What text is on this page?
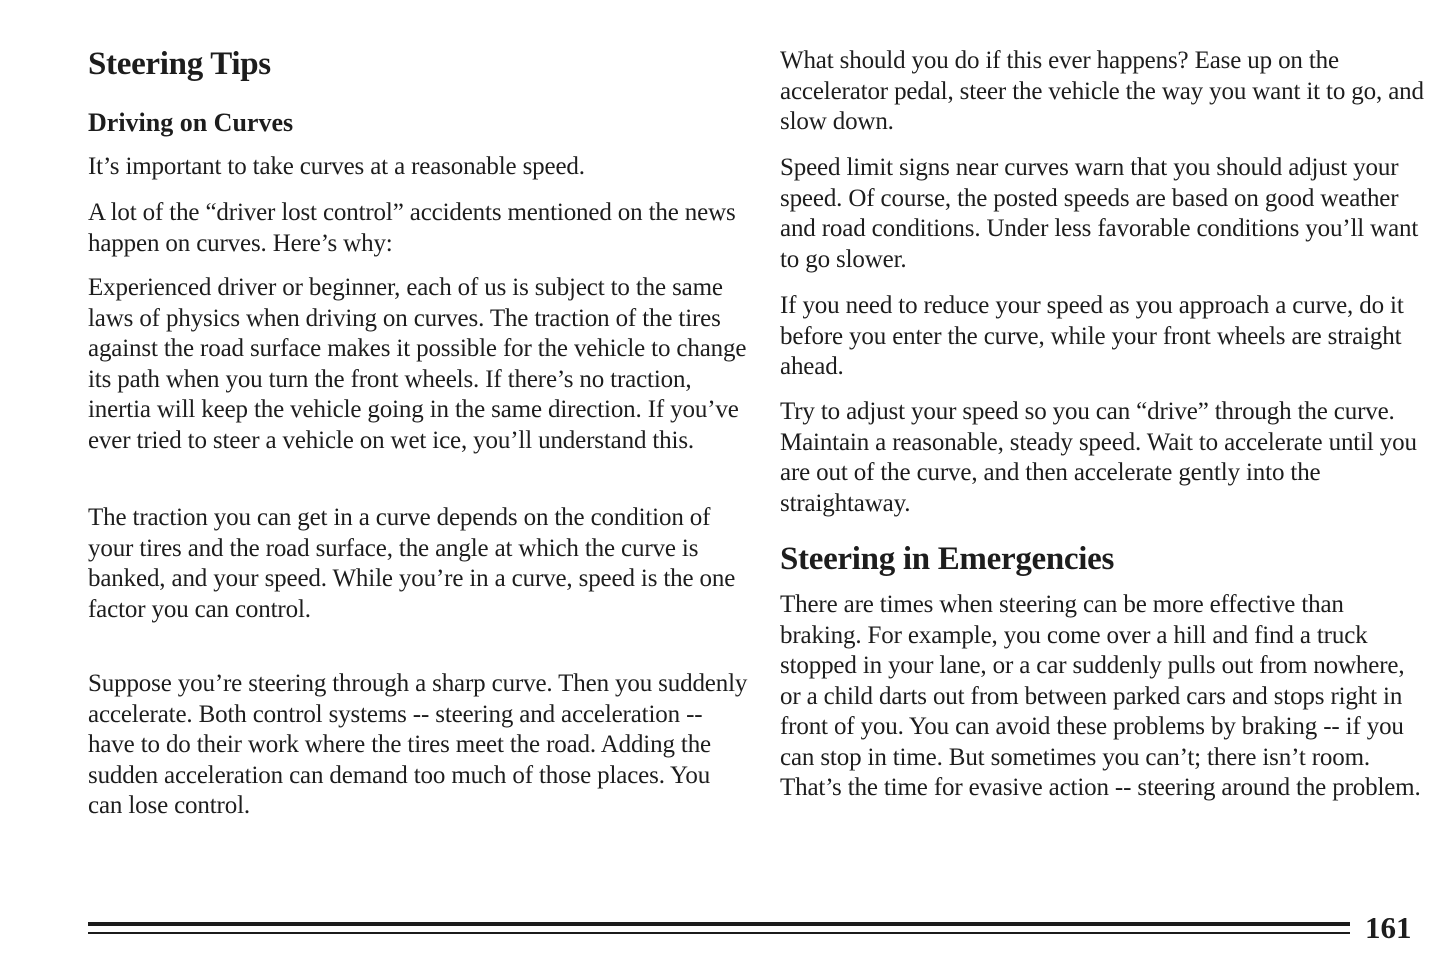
Steering Tips
Driving on Curves

It’s important to take curves at a reasonable speed.

A lot of the “driver lost control” accidents mentioned on the news happen on curves. Here’s why:

Experienced driver or beginner, each of us is subject to the same laws of physics when driving on curves. The traction of the tires against the road surface makes it possible for the vehicle to change its path when you turn the front wheels. If there’s no traction, inertia will keep the vehicle going in the same direction. If you’ve ever tried to steer a vehicle on wet ice, you’ll understand this.

The traction you can get in a curve depends on the condition of your tires and the road surface, the angle at which the curve is banked, and your speed. While you’re in a curve, speed is the one factor you can control.

Suppose you’re steering through a sharp curve. Then you suddenly accelerate. Both control systems -- steering and acceleration -- have to do their work where the tires meet the road. Adding the sudden acceleration can demand too much of those places. You can lose control.

What should you do if this ever happens? Ease up on the accelerator pedal, steer the vehicle the way you want it to go, and slow down.

Speed limit signs near curves warn that you should adjust your speed. Of course, the posted speeds are based on good weather and road conditions. Under less favorable conditions you’ll want to go slower.

If you need to reduce your speed as you approach a curve, do it before you enter the curve, while your front wheels are straight ahead.

Try to adjust your speed so you can “drive” through the curve. Maintain a reasonable, steady speed. Wait to accelerate until you are out of the curve, and then accelerate gently into the straightaway.

Steering in Emergencies

There are times when steering can be more effective than braking. For example, you come over a hill and find a truck stopped in your lane, or a car suddenly pulls out from nowhere, or a child darts out from between parked cars and stops right in front of you. You can avoid these problems by braking -- if you can stop in time. But sometimes you can’t; there isn’t room. That’s the time for evasive action -- steering around the problem.

161
